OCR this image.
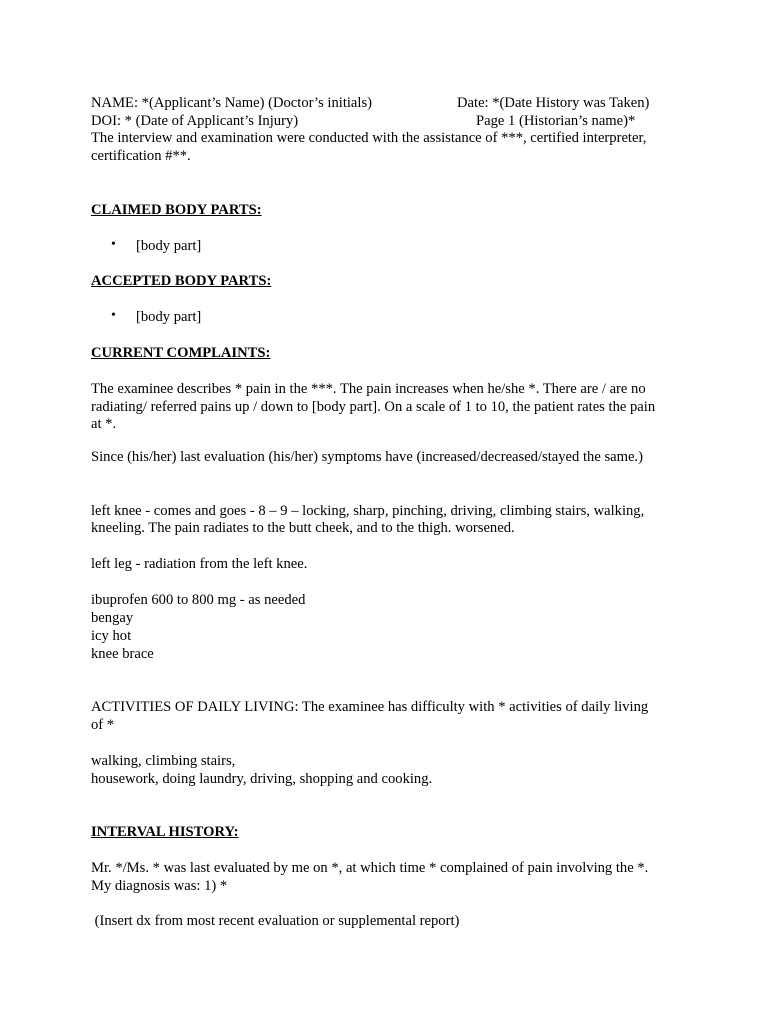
NAME: *(Applicant’s Name) (Doctor’s initials)	Date: *(Date History was Taken)
DOI: * (Date of Applicant’s Injury)	Page 1 (Historian’s name)*
The interview and examination were conducted with the assistance of ***, certified interpreter,
certification #**.
CLAIMED BODY PARTS:
• [body part]
ACCEPTED BODY PARTS:
• [body part]
CURRENT COMPLAINTS:
The examinee describes * pain in the ***. The pain increases when he/she *. There are / are no
radiating/ referred pains up / down to [body part]. On a scale of 1 to 10, the patient rates the pain
at *.
Since (his/her) last evaluation (his/her) symptoms have (increased/decreased/stayed the same.)
left knee - comes and goes - 8 – 9 – locking, sharp, pinching, driving, climbing stairs, walking,
kneeling. The pain radiates to the butt cheek, and to the thigh. worsened.
left leg - radiation from the left knee.
ibuprofen 600 to 800 mg - as needed
bengay
icy hot
knee brace
ACTIVITIES OF DAILY LIVING: The examinee has difficulty with * activities of daily living
of *
walking, climbing stairs,
housework, doing laundry, driving, shopping and cooking.
INTERVAL HISTORY:
Mr. */Ms. * was last evaluated by me on *, at which time * complained of pain involving the *.
My diagnosis was: 1) *
(Insert dx from most recent evaluation or supplemental report)
